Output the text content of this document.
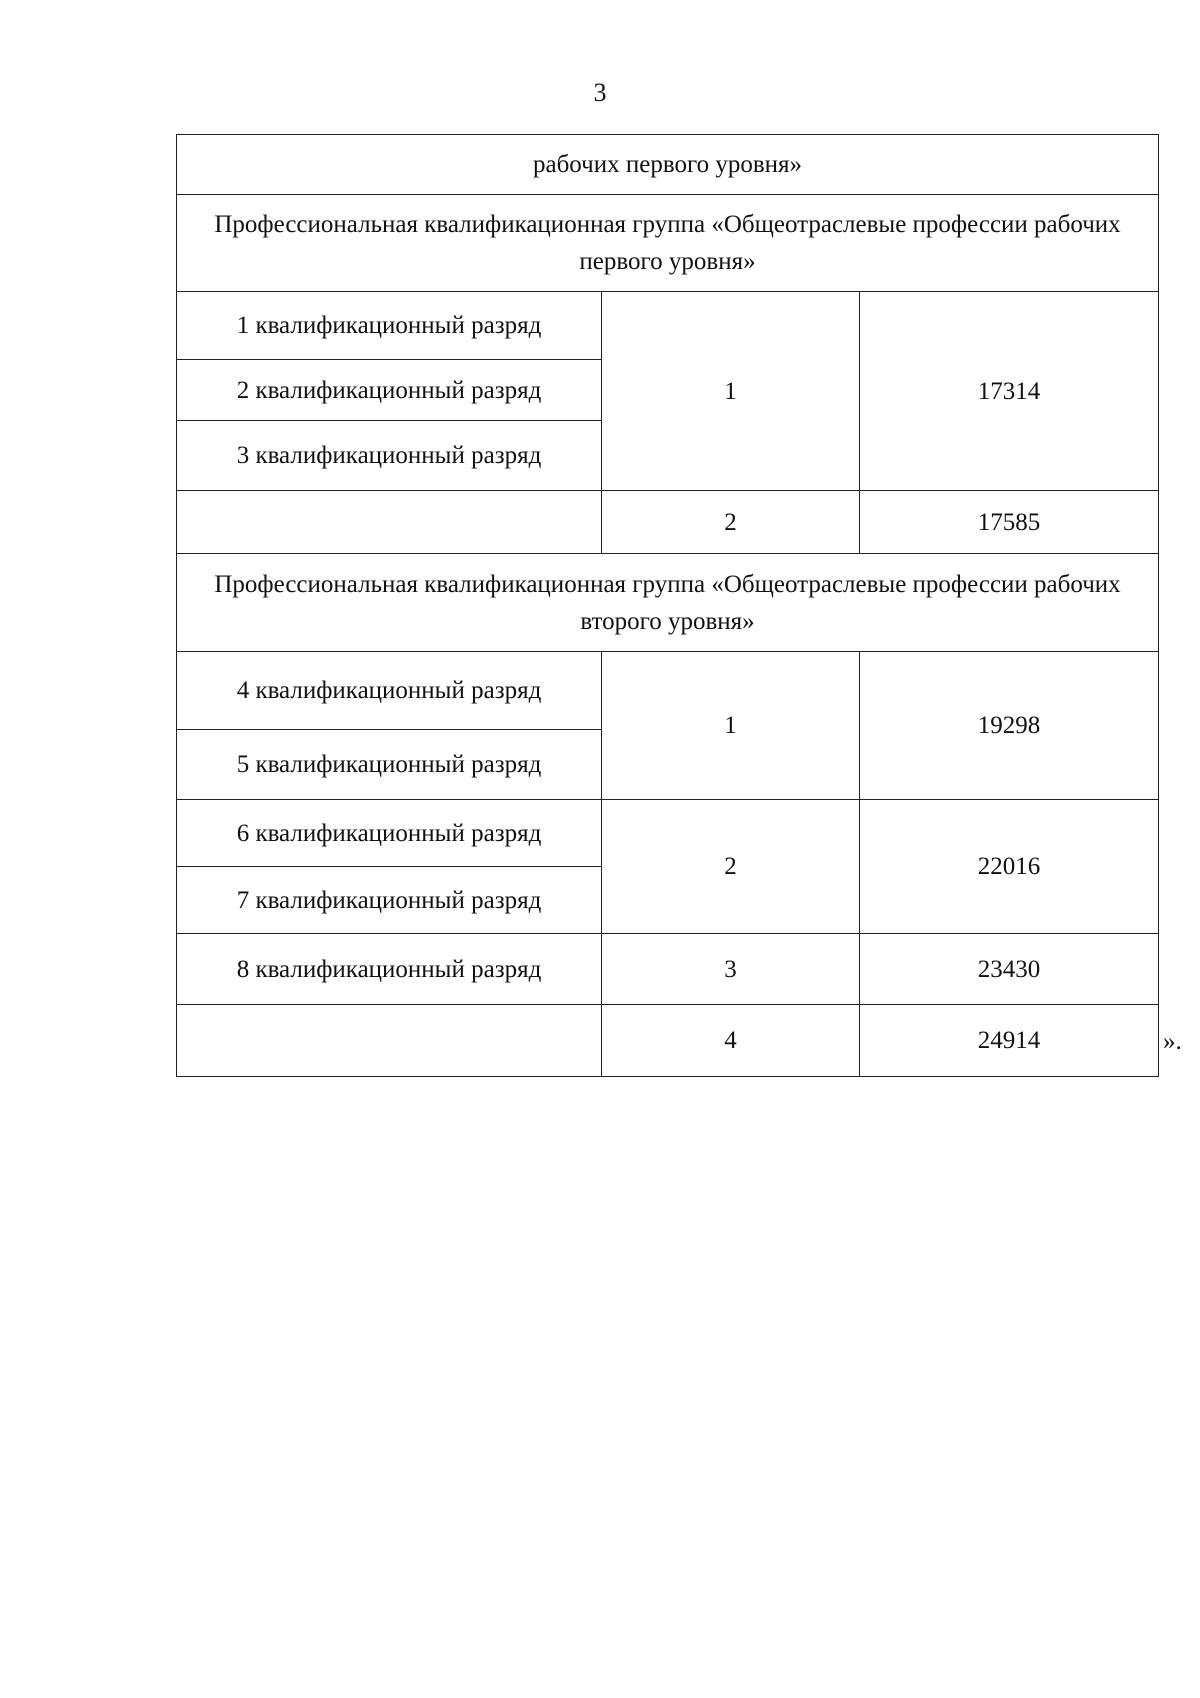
3
рабочих первого уровня»		
Профессиональная квалификационная группа «Общеотраслевые профессии рабочих первого уровня»		
1 квалификационный разряд	1	17314
2 квалификационный разряд		
3 квалификационный разряд		
	2	17585
Профессиональная квалификационная группа «Общеотраслевые профессии рабочих второго уровня»		
4 квалификационный разряд	1	19298
5 квалификационный разряд		
6 квалификационный разряд	2	22016
7 квалификационный разряд		
8 квалификационный разряд	3	23430
	4	24914	».
